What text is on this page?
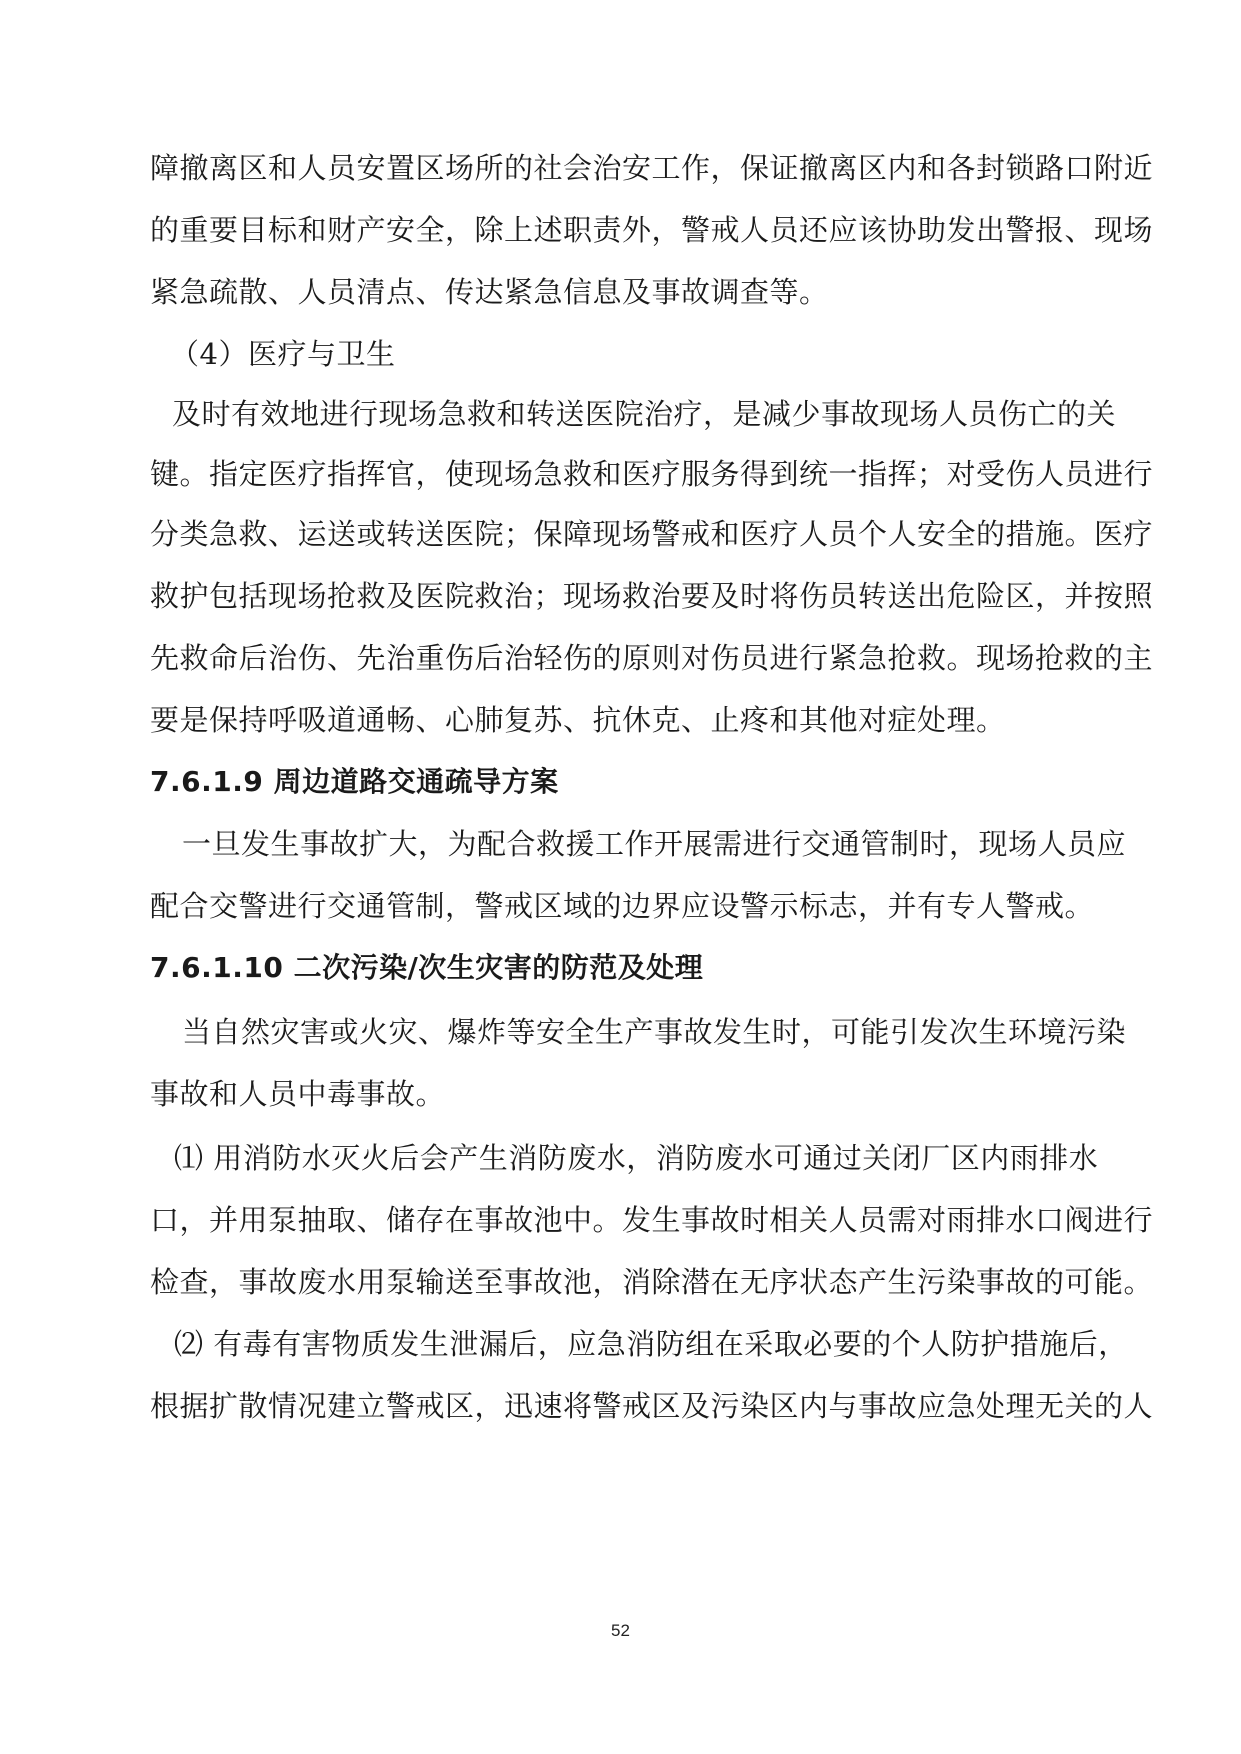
障撤离区和人员安置区场所的社会治安工作，保证撤离区内和各封锁路口附近
的重要目标和财产安全，除上述职责外，警戒人员还应该协助发出警报、现场
紧急疏散、人员清点、传达紧急信息及事故调查等。
（4）医疗与卫生
及时有效地进行现场急救和转送医院治疗，是减少事故现场人员伤亡的关
键。指定医疗指挥官，使现场急救和医疗服务得到统一指挥；对受伤人员进行
分类急救、运送或转送医院；保障现场警戒和医疗人员个人安全的措施。医疗
救护包括现场抢救及医院救治；现场救治要及时将伤员转送出危险区，并按照
先救命后治伤、先治重伤后治轻伤的原则对伤员进行紧急抢救。现场抢救的主
要是保持呼吸道通畅、心肺复苏、抗休克、止疼和其他对症处理。
7.6.1.9 周边道路交通疏导方案
一旦发生事故扩大，为配合救援工作开展需进行交通管制时，现场人员应
配合交警进行交通管制，警戒区域的边界应设警示标志，并有专人警戒。
7.6.1.10 二次污染/次生灾害的防范及处理
当自然灾害或火灾、爆炸等安全生产事故发生时，可能引发次生环境污染
事故和人员中毒事故。
⑴ 用消防水灭火后会产生消防废水，消防废水可通过关闭厂区内雨排水
口，并用泵抽取、储存在事故池中。发生事故时相关人员需对雨排水口阀进行
检查，事故废水用泵输送至事故池，消除潜在无序状态产生污染事故的可能。
⑵ 有毒有害物质发生泄漏后，应急消防组在采取必要的个人防护措施后，
根据扩散情况建立警戒区，迅速将警戒区及污染区内与事故应急处理无关的人
52
